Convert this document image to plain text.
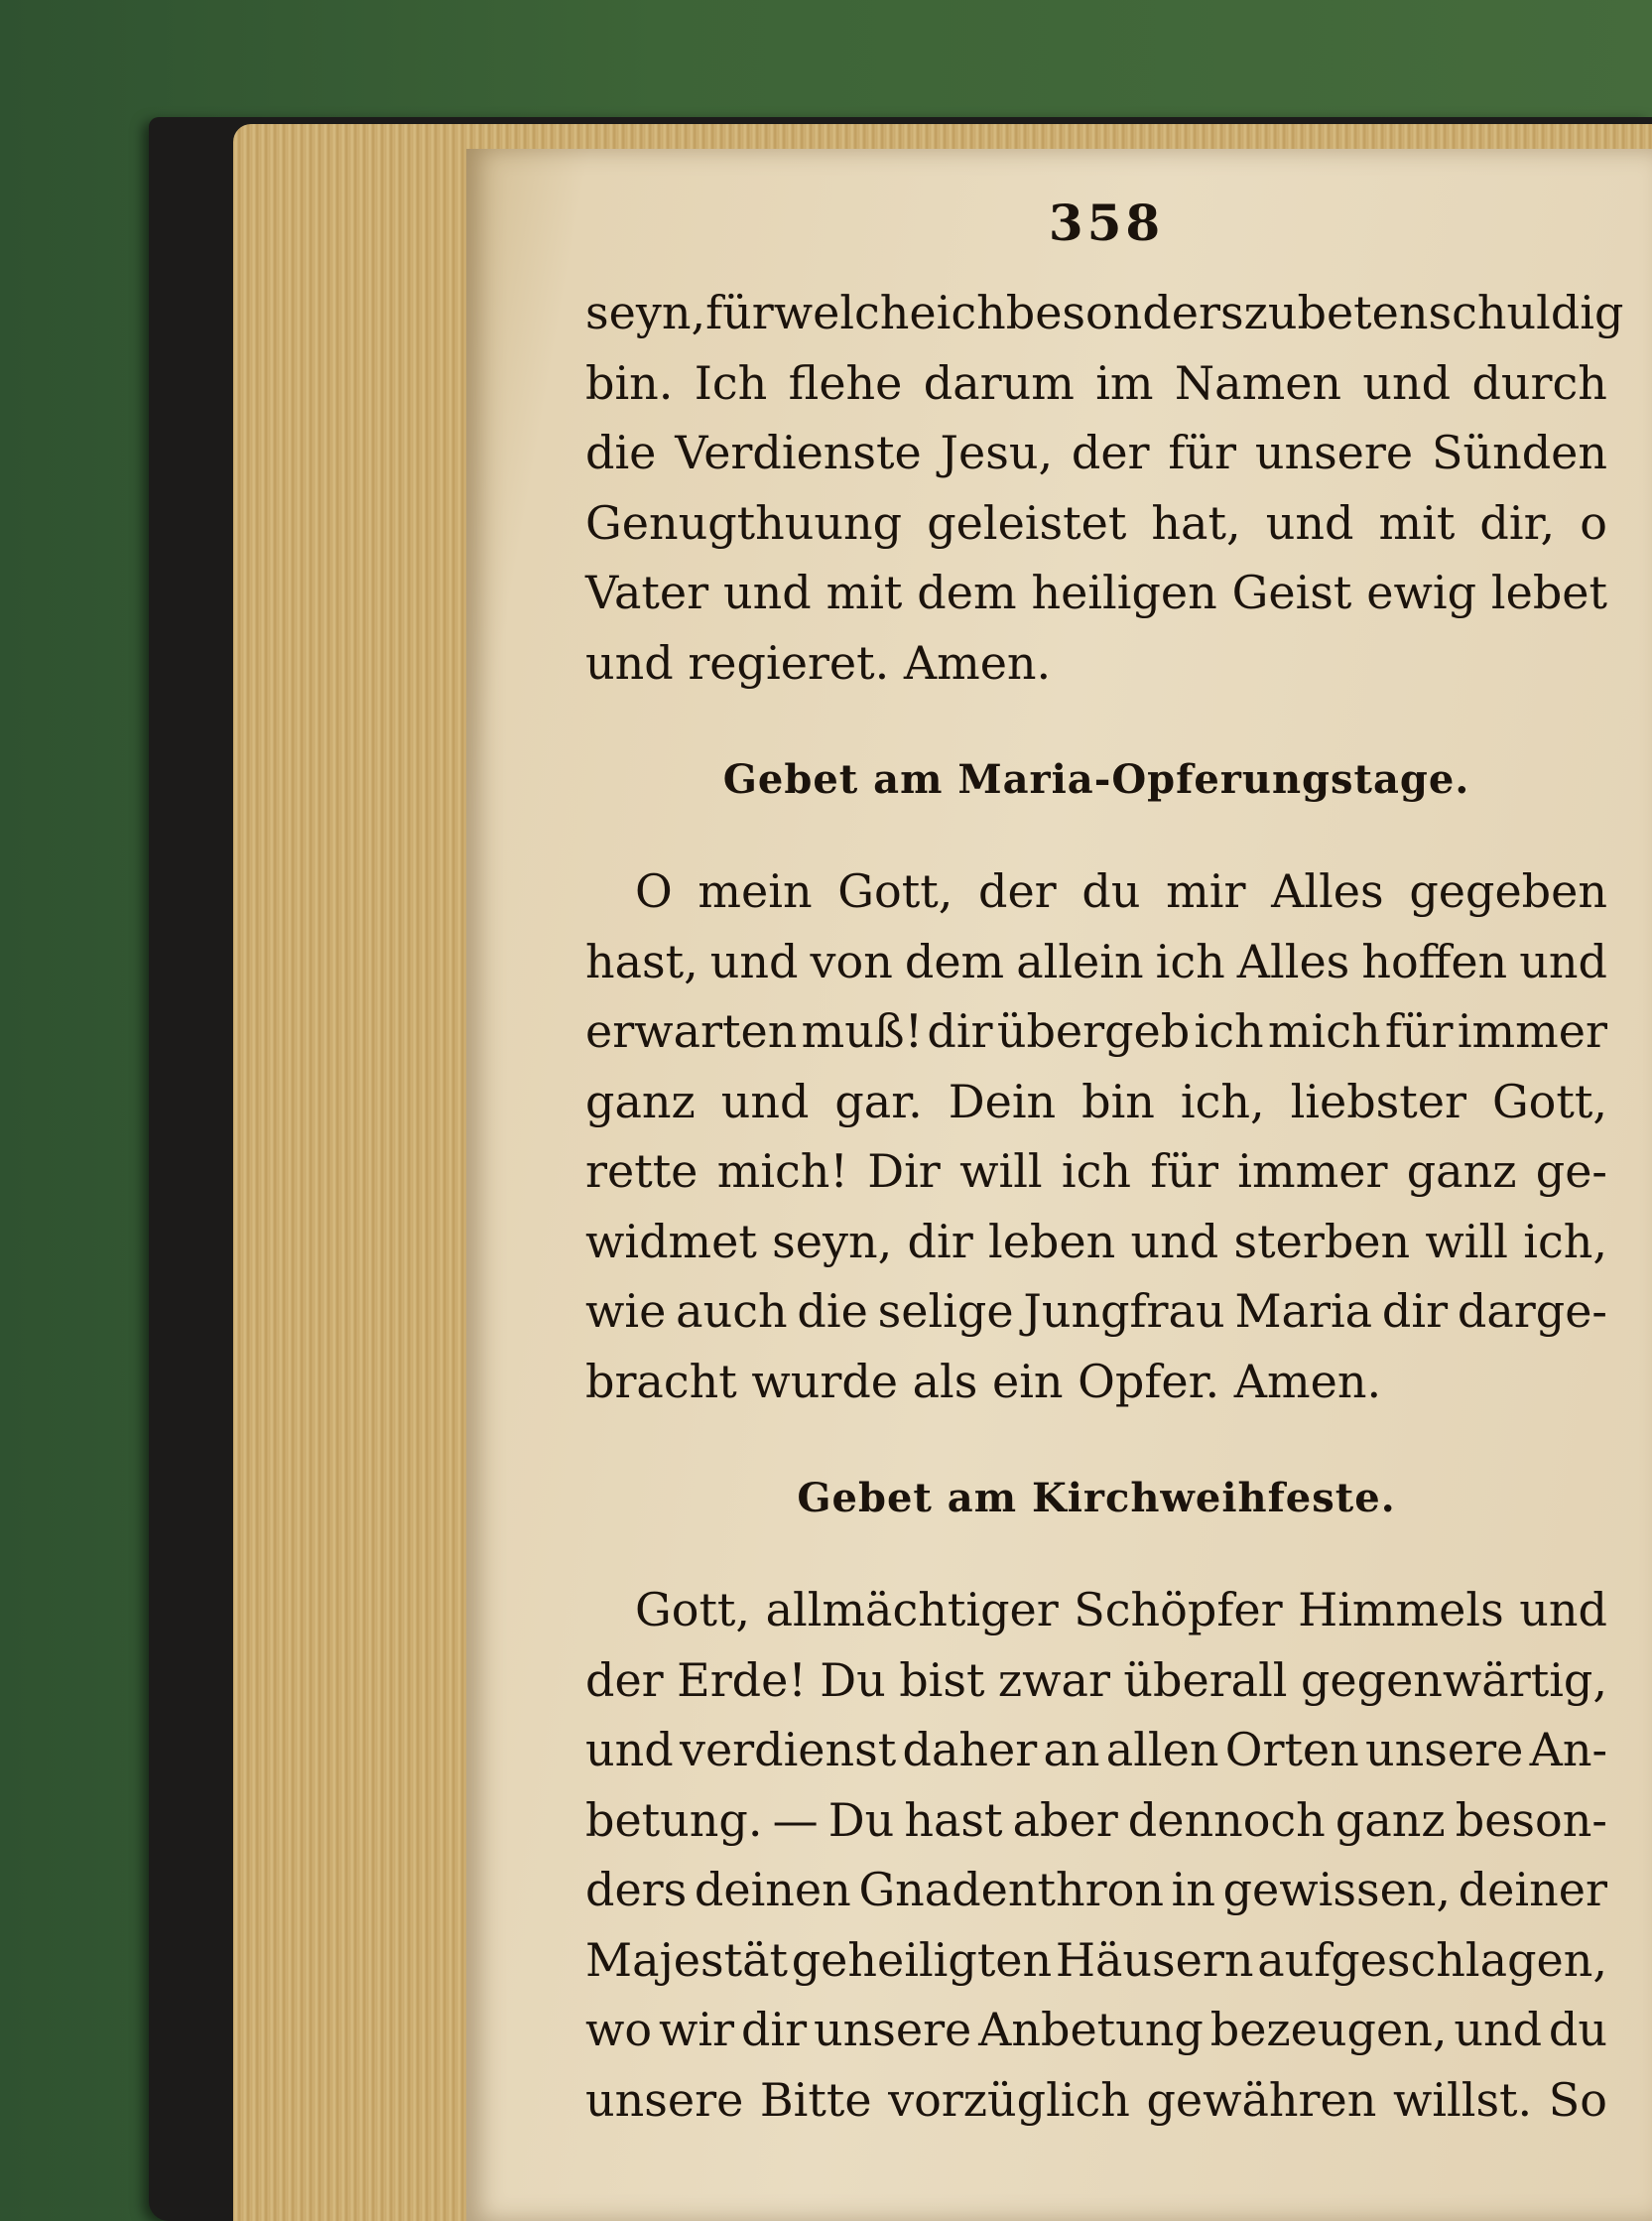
358
seyn, für welche ich besonders zu beten schuldig
bin. Ich flehe darum im Namen und durch
die Verdienste Jesu, der für unsere Sünden
Genugthuung geleistet hat, und mit dir, o
Vater und mit dem heiligen Geist ewig lebet
und regieret. Amen.
Gebet am Maria-Opferungstage.
O mein Gott, der du mir Alles gegeben
hast, und von dem allein ich Alles hoffen und
erwarten muß! dir übergeb ich mich für immer
ganz und gar. Dein bin ich, liebster Gott,
rette mich! Dir will ich für immer ganz ge-
widmet seyn, dir leben und sterben will ich,
wie auch die selige Jungfrau Maria dir darge-
bracht wurde als ein Opfer. Amen.
Gebet am Kirchweihfeste.
Gott, allmächtiger Schöpfer Himmels und
der Erde! Du bist zwar überall gegenwärtig,
und verdienst daher an allen Orten unsere An-
betung. — Du hast aber dennoch ganz beson-
ders deinen Gnadenthron in gewissen, deiner
Majestät geheiligten Häusern aufgeschlagen,
wo wir dir unsere Anbetung bezeugen, und du
unsere Bitte vorzüglich gewähren willst. So
